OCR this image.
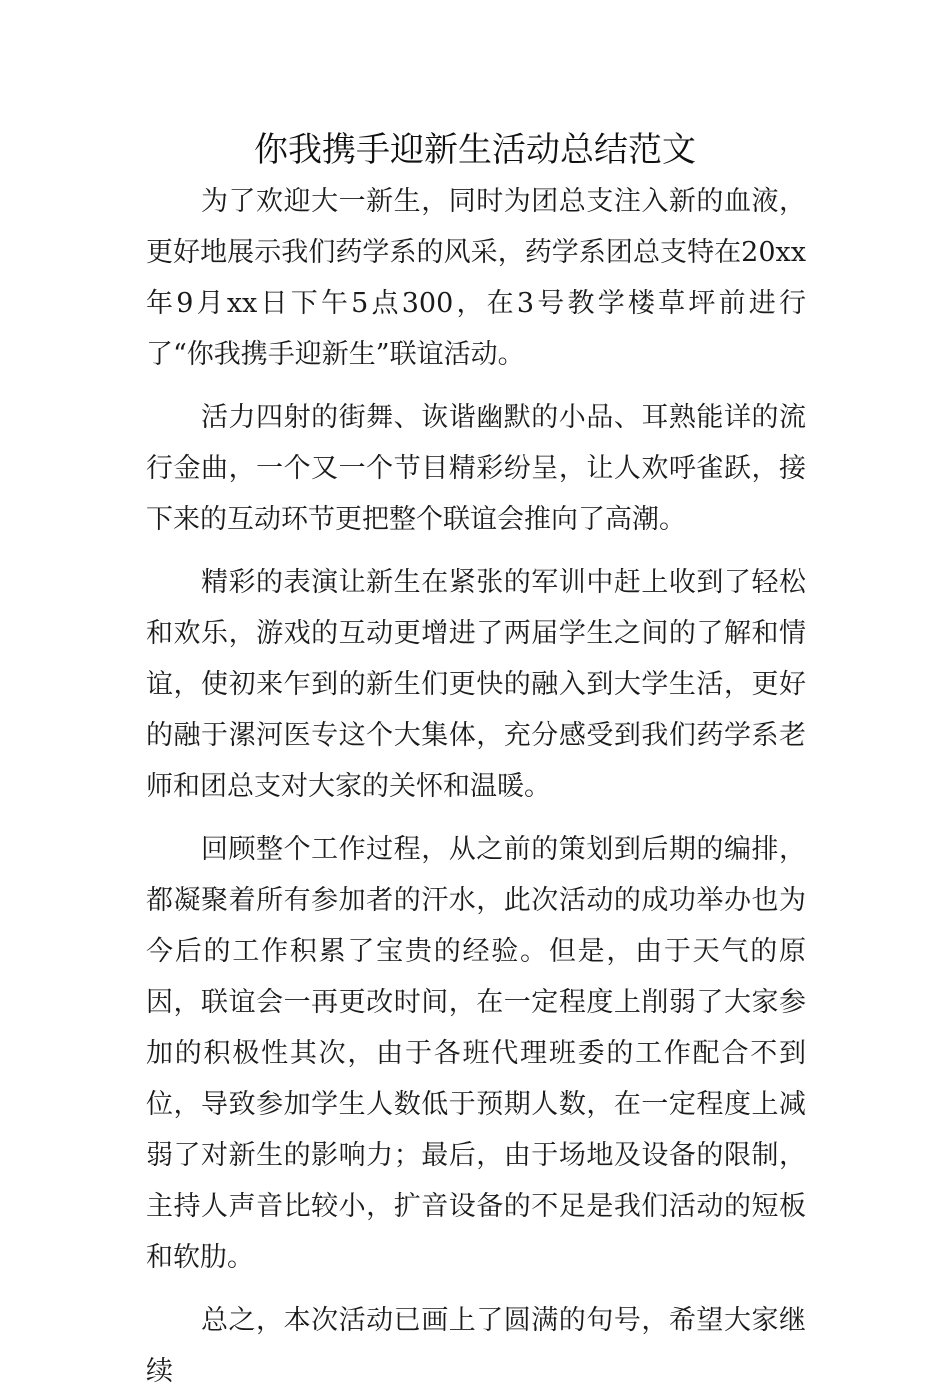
你我携手迎新生活动总结范文

为了欢迎大一新生，同时为团总支注入新的血液，更好地展示我们药学系的风采，药学系团总支特在20xx年9月xx日下午5点300，在3号教学楼草坪前进行了“你我携手迎新生”联谊活动。

活力四射的街舞、诙谐幽默的小品、耳熟能详的流行金曲，一个又一个节目精彩纷呈，让人欢呼雀跃，接下来的互动环节更把整个联谊会推向了高潮。

精彩的表演让新生在紧张的军训中赶上收到了轻松和欢乐，游戏的互动更增进了两届学生之间的了解和情谊，使初来乍到的新生们更快的融入到大学生活，更好的融于漯河医专这个大集体，充分感受到我们药学系老师和团总支对大家的关怀和温暖。

回顾整个工作过程，从之前的策划到后期的编排，都凝聚着所有参加者的汗水，此次活动的成功举办也为今后的工作积累了宝贵的经验。但是，由于天气的原因，联谊会一再更改时间，在一定程度上削弱了大家参加的积极性其次，由于各班代理班委的工作配合不到位，导致参加学生人数低于预期人数，在一定程度上减弱了对新生的影响力；最后，由于场地及设备的限制，主持人声音比较小，扩音设备的不足是我们活动的短板和软肋。

总之，本次活动已画上了圆满的句号，希望大家继续
